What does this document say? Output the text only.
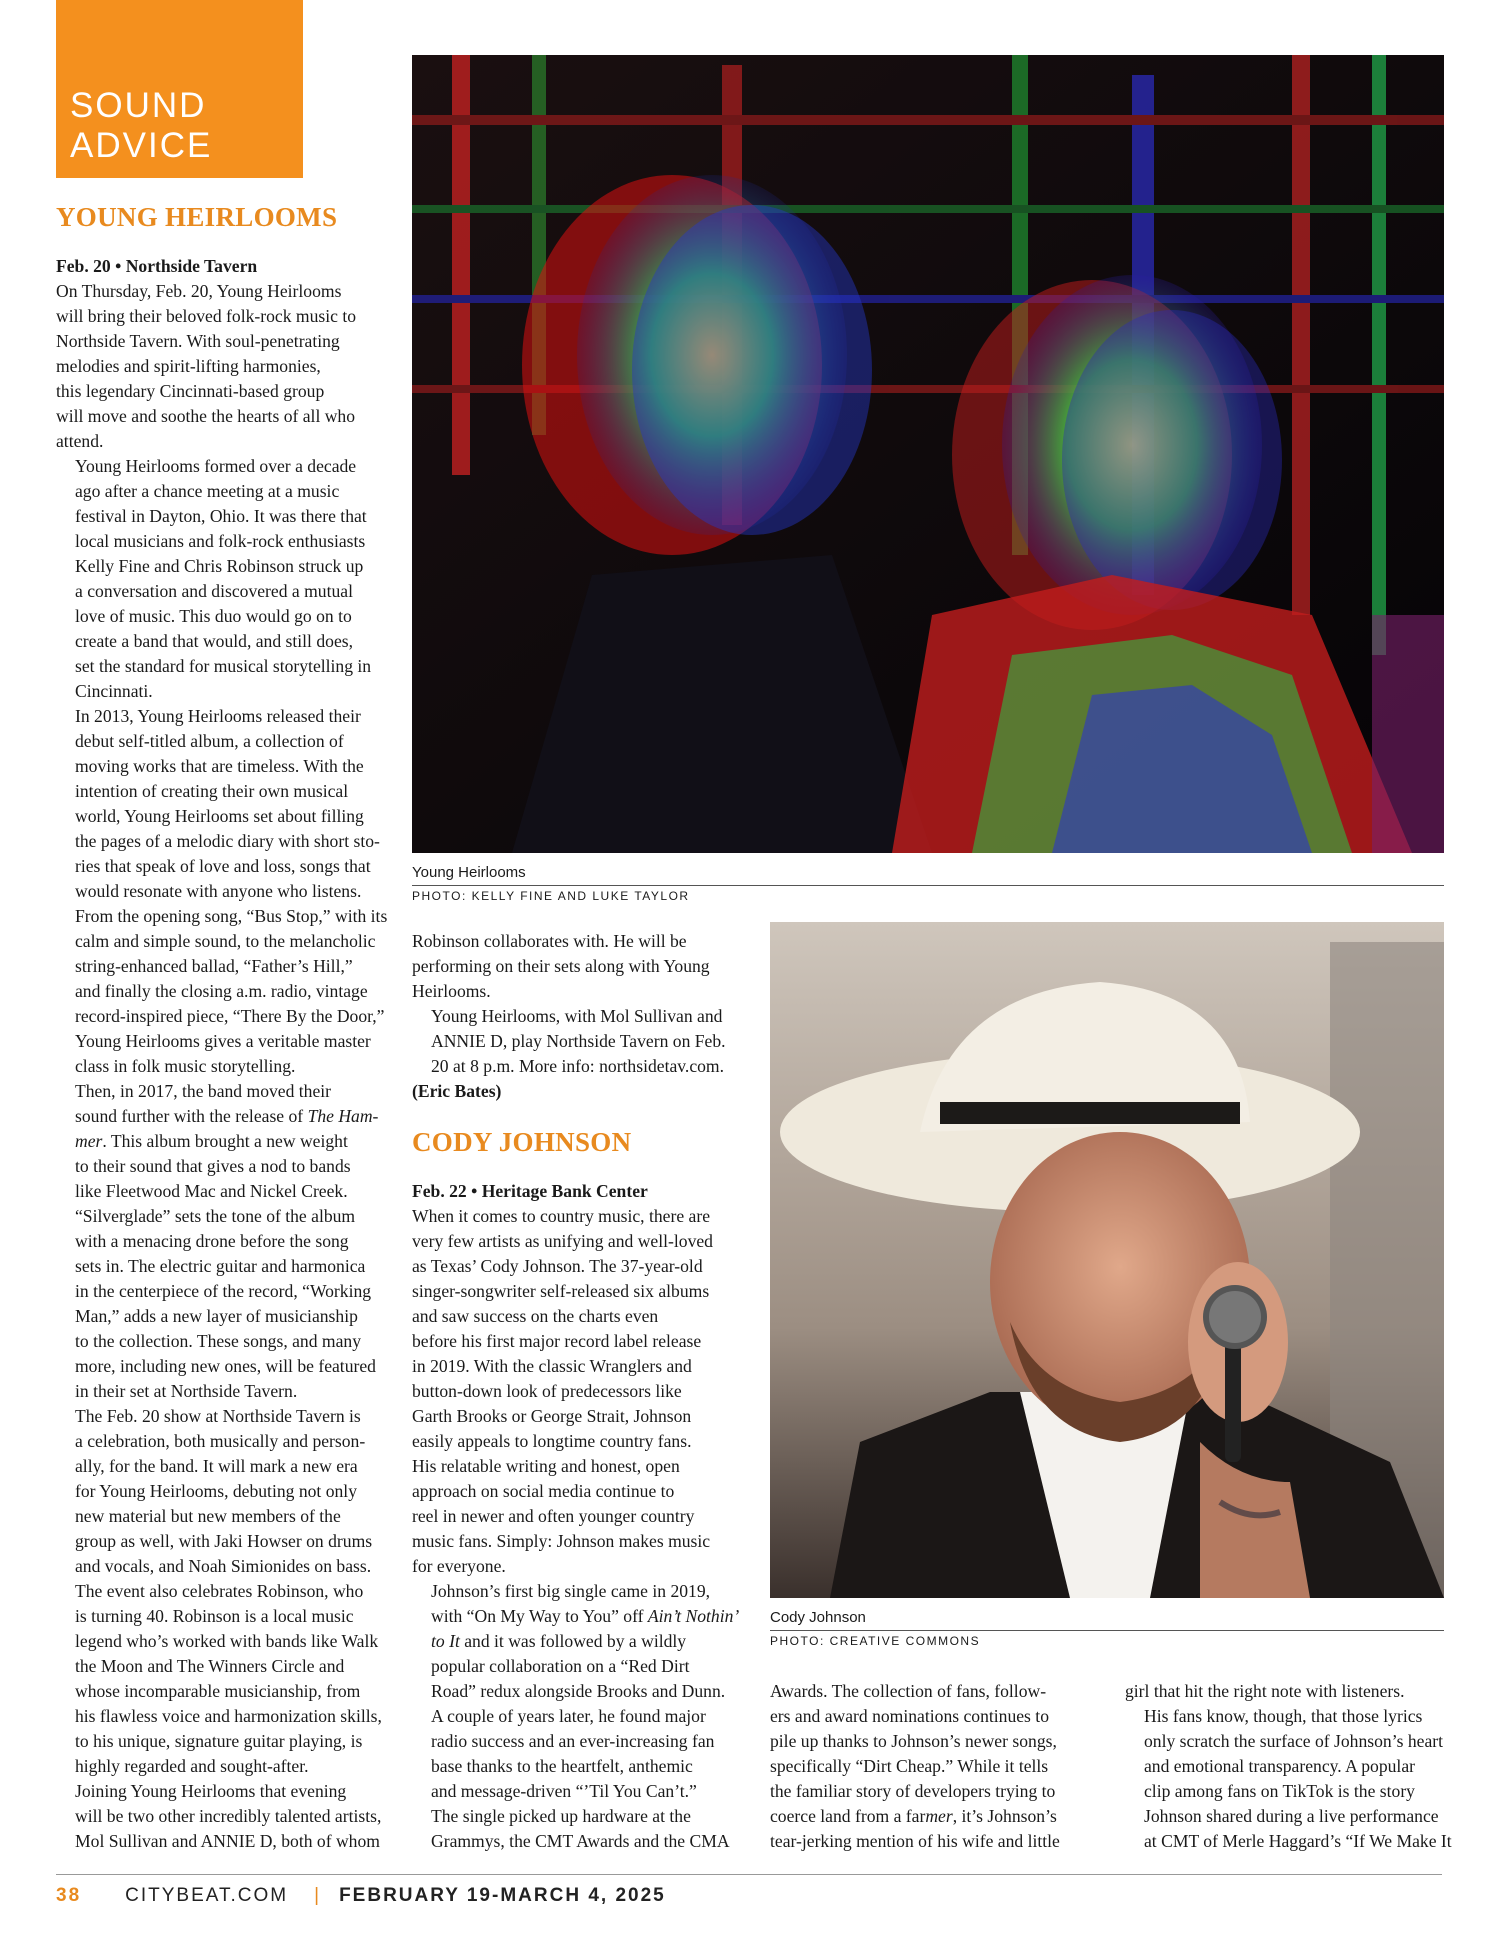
SOUND ADVICE
YOUNG HEIRLOOMS
Feb. 20 • Northside Tavern

On Thursday, Feb. 20, Young Heirlooms
will bring their beloved folk-rock music to
Northside Tavern. With soul-penetrating
melodies and spirit-lifting harmonies,
this legendary Cincinnati-based group
will move and soothe the hearts of all who
attend.

Young Heirlooms formed over a decade
ago after a chance meeting at a music
festival in Dayton, Ohio. It was there that
local musicians and folk-rock enthusiasts
Kelly Fine and Chris Robinson struck up
a conversation and discovered a mutual
love of music. This duo would go on to
create a band that would, and still does,
set the standard for musical storytelling in
Cincinnati.

In 2013, Young Heirlooms released their
debut self-titled album, a collection of
moving works that are timeless. With the
intention of creating their own musical
world, Young Heirlooms set about filling
the pages of a melodic diary with short sto-
ries that speak of love and loss, songs that
would resonate with anyone who listens.
From the opening song, “Bus Stop,” with its
calm and simple sound, to the melancholic
string-enhanced ballad, “Father’s Hill,”
and finally the closing a.m. radio, vintage
record-inspired piece, “There By the Door,”
Young Heirlooms gives a veritable master
class in folk music storytelling.

Then, in 2017, the band moved their
sound further with the release of The Ham-
mer. This album brought a new weight
to their sound that gives a nod to bands
like Fleetwood Mac and Nickel Creek.
“Silverglade” sets the tone of the album
with a menacing drone before the song
sets in. The electric guitar and harmonica
in the centerpiece of the record, “Working
Man,” adds a new layer of musicianship
to the collection. These songs, and many
more, including new ones, will be featured
in their set at Northside Tavern.

The Feb. 20 show at Northside Tavern is
a celebration, both musically and person-
ally, for the band. It will mark a new era
for Young Heirlooms, debuting not only
new material but new members of the
group as well, with Jaki Howser on drums
and vocals, and Noah Simionides on bass.
The event also celebrates Robinson, who
is turning 40. Robinson is a local music
legend who’s worked with bands like Walk
the Moon and The Winners Circle and
whose incomparable musicianship, from
his flawless voice and harmonization skills,
to his unique, signature guitar playing, is
highly regarded and sought-after.

Joining Young Heirlooms that evening
will be two other incredibly talented artists,
Mol Sullivan and ANNIE D, both of whom

Young Heirlooms
PHOTO: KELLY FINE AND LUKE TAYLOR

Robinson collaborates with. He will be
performing on their sets along with Young
Heirlooms.

Young Heirlooms, with Mol Sullivan and
ANNIE D, play Northside Tavern on Feb.
20 at 8 p.m. More info: northsidetav.com.

(Eric Bates)
CODY JOHNSON
Feb. 22 • Heritage Bank Center

When it comes to country music, there are
very few artists as unifying and well-loved
as Texas’ Cody Johnson. The 37-year-old
singer-songwriter self-released six albums
and saw success on the charts even
before his first major record label release
in 2019. With the classic Wranglers and
button-down look of predecessors like
Garth Brooks or George Strait, Johnson
easily appeals to longtime country fans.
His relatable writing and honest, open
approach on social media continue to
reel in newer and often younger country
music fans. Simply: Johnson makes music
for everyone.

Johnson’s first big single came in 2019,
with “On My Way to You” off Ain’t Nothin’
to It and it was followed by a wildly
popular collaboration on a “Red Dirt
Road” redux alongside Brooks and Dunn.
A couple of years later, he found major
radio success and an ever-increasing fan
base thanks to the heartfelt, anthemic
and message-driven “’Til You Can’t.”
The single picked up hardware at the
Grammys, the CMT Awards and the CMA

Cody Johnson
PHOTO: CREATIVE COMMONS

Awards. The collection of fans, follow-
ers and award nominations continues to
pile up thanks to Johnson’s newer songs,
specifically “Dirt Cheap.” While it tells
the familiar story of developers trying to
coerce land from a farmer, it’s Johnson’s
tear-jerking mention of his wife and little

girl that hit the right note with listeners.

His fans know, though, that those lyrics
only scratch the surface of Johnson’s heart
and emotional transparency. A popular
clip among fans on TikTok is the story
Johnson shared during a live performance
at CMT of Merle Haggard’s “If We Make It

38 CITYBEAT.COM | FEBRUARY 19-MARCH 4, 2025
